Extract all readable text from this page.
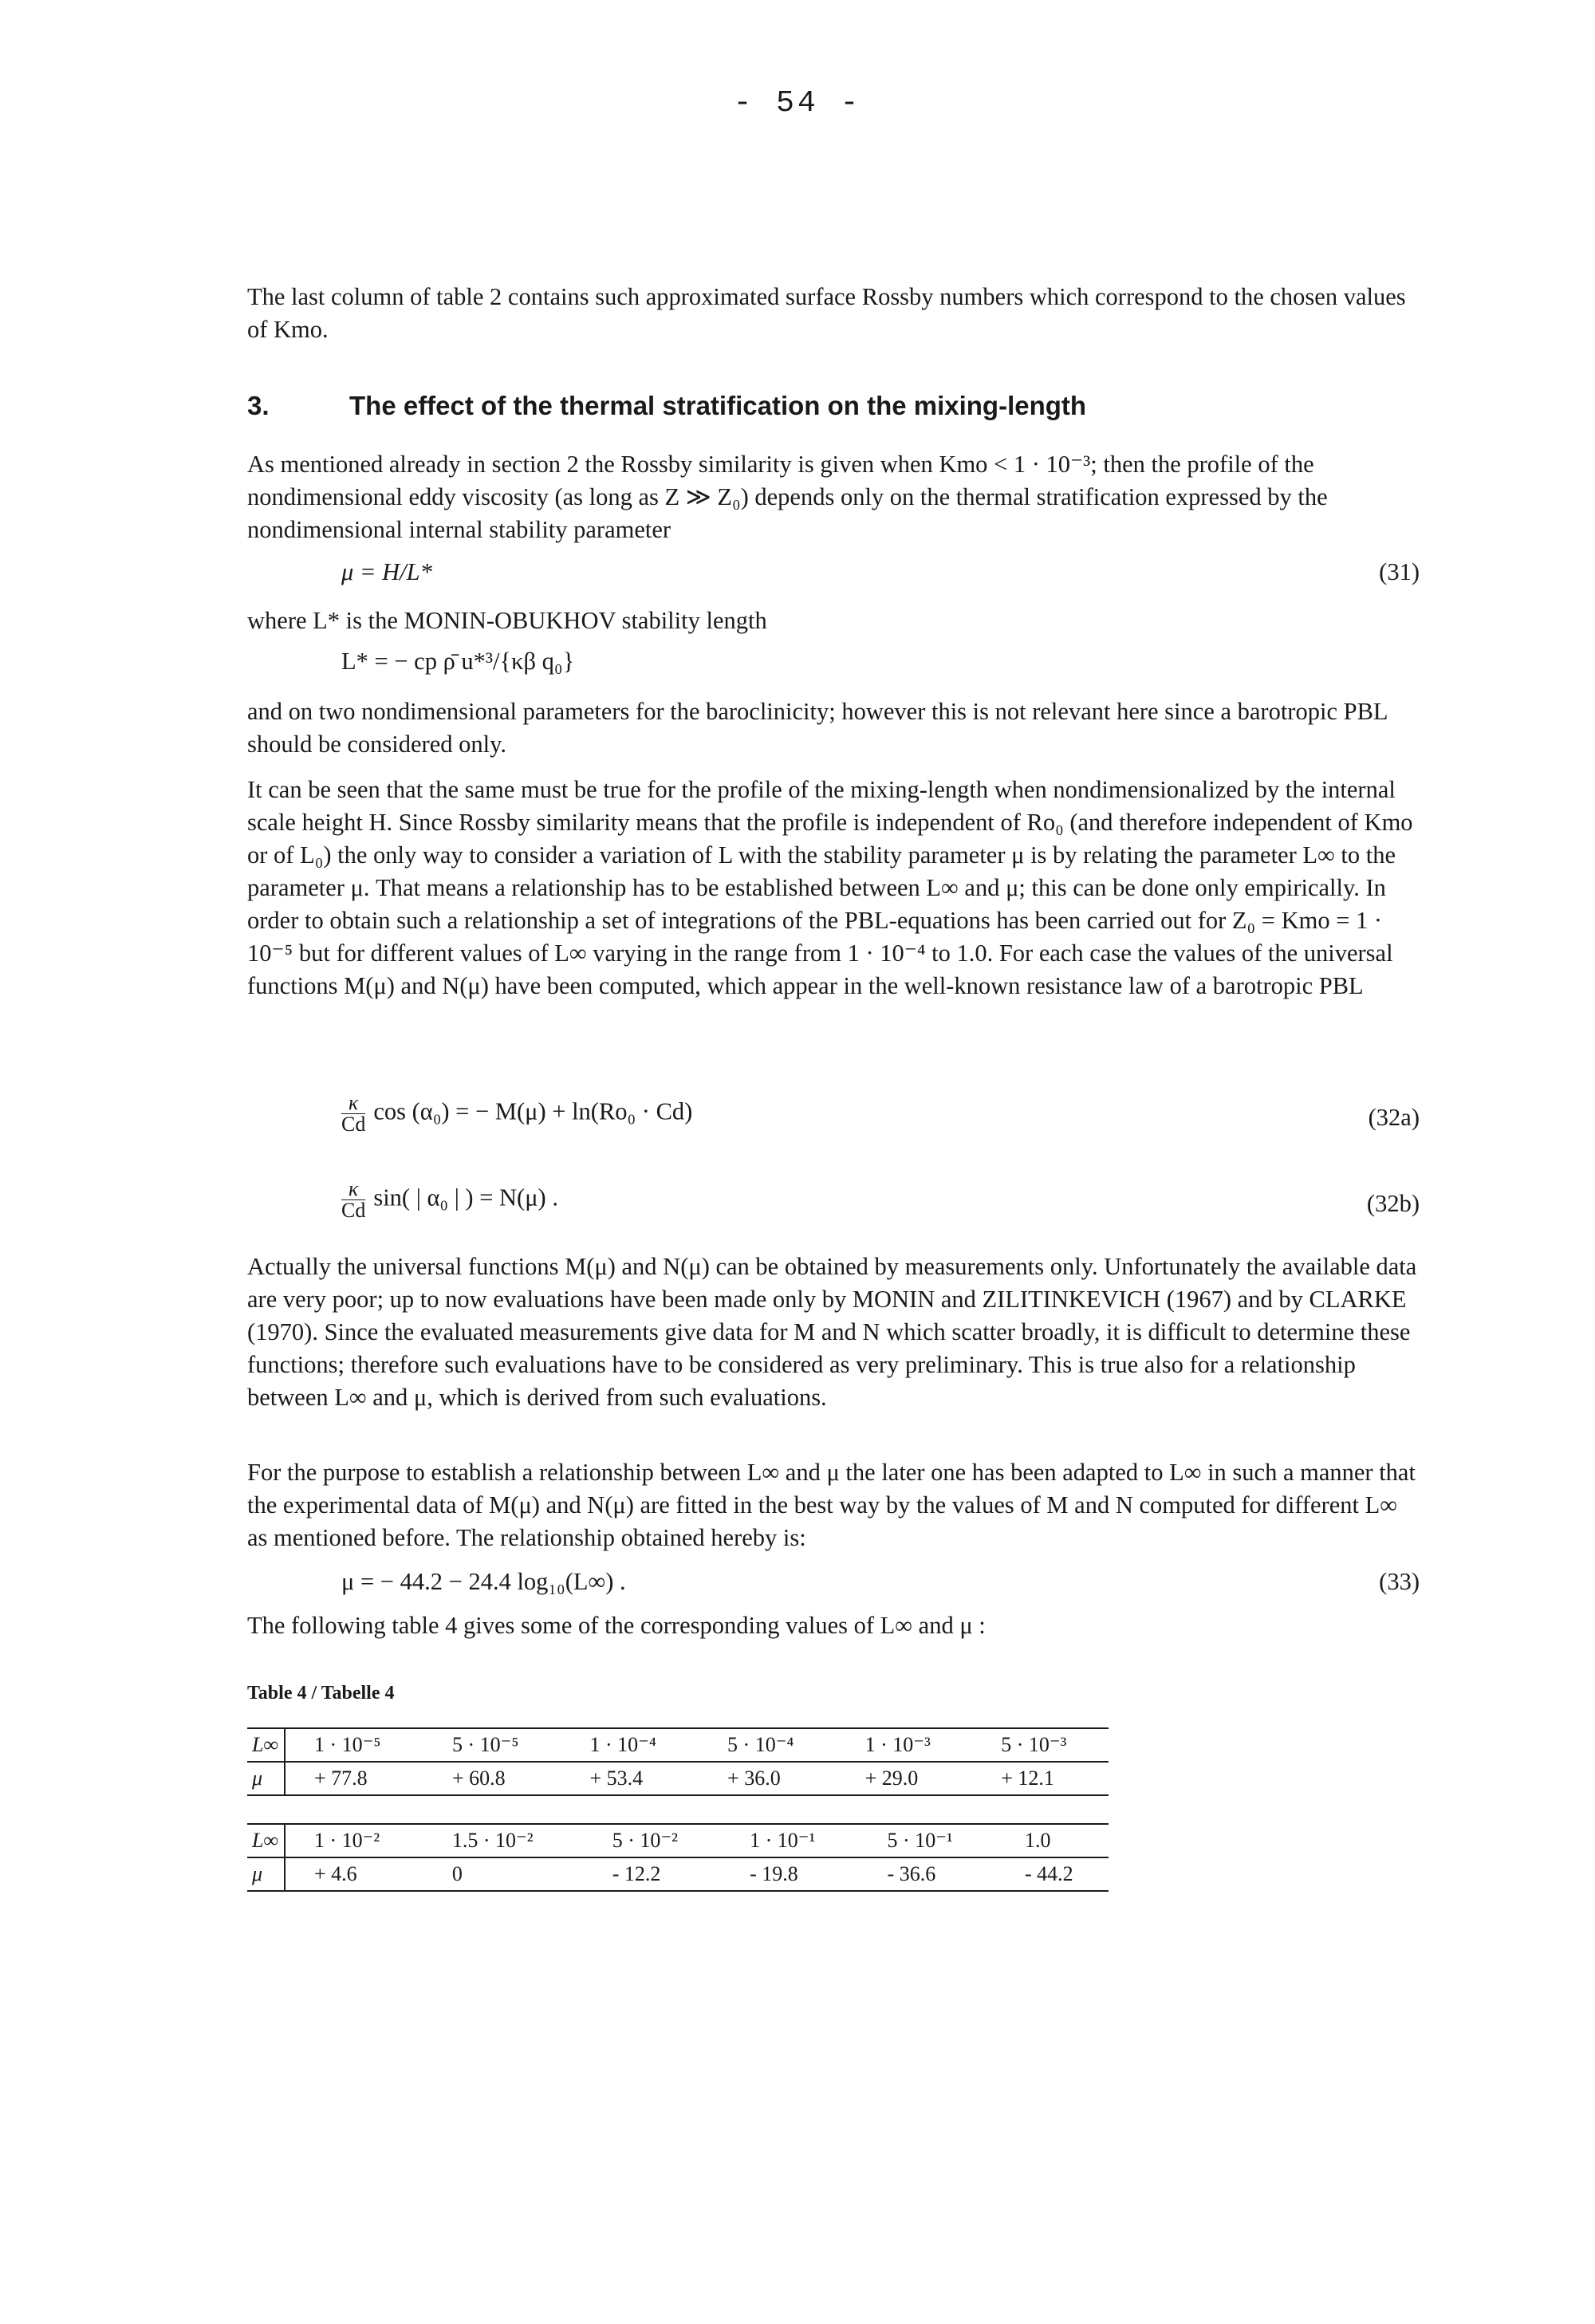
- 54 -

The last column of table 2 contains such approximated surface Rossby numbers which correspond to the chosen values of Kmo.

3.	The effect of the thermal stratification on the mixing-length

As mentioned already in section 2 the Rossby similarity is given when Kmo < 1 · 10⁻³; then the profile of the nondimensional eddy viscosity (as long as Z ≫ Z₀) depends only on the thermal stratification expressed by the nondimensional internal stability parameter

μ = H/L*	(31)

where L* is the MONIN-OBUKHOV stability length

L* = − cp ρ̄ u*³/{κβ q₀}

and on two nondimensional parameters for the baroclinicity; however this is not relevant here since a barotropic PBL should be considered only.

It can be seen that the same must be true for the profile of the mixing-length when nondimensionalized by the internal scale height H. Since Rossby similarity means that the profile is independent of Ro₀ (and therefore independent of Kmo or of L₀) the only way to consider a variation of L with the stability parameter μ is by relating the parameter L∞ to the parameter μ. That means a relationship has to be established between L∞ and μ; this can be done only empirically. In order to obtain such a relationship a set of integrations of the PBL-equations has been carried out for Z₀ = Kmo = 1 · 10⁻⁵ but for different values of L∞ varying in the range from 1 · 10⁻⁴ to 1.0. For each case the values of the universal functions M(μ) and N(μ) have been computed, which appear in the well-known resistance law of a barotropic PBL

$\frac{\kappa}{Cd}$ cos (α₀) = − M(μ) + ln(Ro₀ · Cd)	(32a)
$\frac{\kappa}{Cd} \sin$( | α₀ | ) = N(μ) .	(32b)

Actually the universal functions M(μ) and N(μ) can be obtained by measurements only. Unfortunately the available data are very poor; up to now evaluations have been made only by MONIN and ZILITINKEVICH (1967) and by CLARKE (1970). Since the evaluated measurements give data for M and N which scatter broadly, it is difficult to determine these functions; therefore such evaluations have to be considered as very preliminary. This is true also for a relationship between L∞ and μ, which is derived from such evaluations.

For the purpose to establish a relationship between L∞ and μ the later one has been adapted to L∞ in such a manner that the experimental data of M(μ) and N(μ) are fitted in the best way by the values of M and N computed for different L∞ as mentioned before. The relationship obtained hereby is:

μ = − 44.2 − 24.4 log₁₀(L∞) .	(33)

The following table 4 gives some of the corresponding values of L∞ and μ :

Table 4 / Tabelle 4
L∞	1 · 10⁻⁵	5 · 10⁻⁵	1 · 10⁻⁴	5 · 10⁻⁴	1 · 10⁻³	5 · 10⁻³
μ	+ 77.8	+ 60.8	+ 53.4	+ 36.0	+ 29.0	+ 12.1
L∞	1 · 10⁻²	1.5 · 10⁻²	5 · 10⁻²	1 · 10⁻¹	5 · 10⁻¹	1.0
μ	+ 4.6	0	- 12.2	- 19.8	- 36.6	- 44.2
